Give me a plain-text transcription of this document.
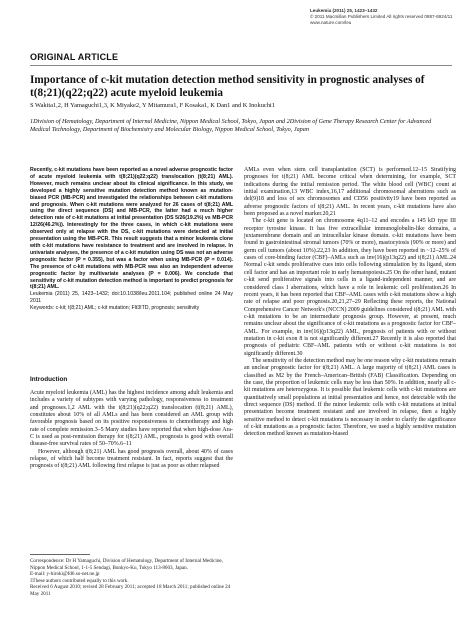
Leukemia (2011) 25, 1423–1432
© 2011 Macmillan Publishers Limited All rights reserved 0887-6924/11
www.nature.com/leu
ORIGINAL ARTICLE
Importance of c-kit mutation detection method sensitivity in prognostic analyses of t(8;21)(q22;q22) acute myeloid leukemia
S Wakita1,2, H Yamaguchi1,3, K Miyake2, Y Mitamura1, F Kosaka1, K Dan1 and K Inokuchi1
1Division of Hematology, Department of Internal Medicine, Nippon Medical School, Tokyo, Japan and 2Division of Gene Therapy Research Center for Advanced Medical Technology, Department of Biochemistry and Molecular Biology, Nippon Medical School, Tokyo, Japan
Recently, c-kit mutations have been reported as a novel adverse prognostic factor of acute myeloid leukemia with t(8;21)(q22;q22) translocation (t(8;21) AML). However, much remains unclear about its clinical significance. In this study, we developed a highly sensitive mutation detection method known as mutation-biased PCR (MB-PCR) and investigated the relationships between c-kit mutations and prognosis. When c-kit mutations were analyzed for 26 cases of t(8;21) AML using the direct sequence (DS) and MB-PCR, the latter had a much higher detection rate of c-kit mutations at initial presentation (DS 5/26(19.2%) vs MB-PCR 12/26(46.2%)). Interestingly for the three cases, in which c-kit mutations were observed only at relapse with the DS, c-kit mutations were detected at initial presentation using the MB-PCR. This result suggests that a minor leukemia clone with c-kit mutations have resistance to treatment and are involved in relapse. In univariate analyses, the presence of a c-kit mutation using DS was not an adverse prognostic factor (P = 0.355), but was a factor when using MB-PCR (P = 0.014). The presence of c-kit mutations with MB-PCR was also an independent adverse prognostic factor by multivariate analyses (P = 0.006). We conclude that sensitivity of c-kit mutation detection method is important to predict prognosis for t(8;21) AML.
Leukemia (2011) 25, 1423–1432; doi:10.1038/leu.2011.104; published online 24 May 2011
Keywords: c-kit; t(8;21) AML; c-kit mutation; Flt3ITD, prognosis; sensitivity
Introduction

Acute myeloid leukemia (AML) has the highest incidence among adult leukemia and includes a variety of subtypes with varying pathology, responsiveness to treatment and prognoses.1,2 AML with the t(8;21)(q22;q22) translocation (t(8;21) AML), constitutes about 10% of all AMLs and has been considered an AML group with favorable prognosis based on its positive responsiveness to chemotherapy and high rate of complete remission.3–5 Many studies have reported that when high-dose Ara-C is used as post-remission therapy for t(8;21) AML, prognosis is good with overall disease-free survival rates of 50–70%.6–11

However, although t(8;21) AML has good prognosis overall, about 40% of cases relapse, of which half become treatment resistant. In fact, reports suggest that the prognosis of t(8;21) AML following first relapse is just as poor as other relapsed

Correspondence: Dr H Yamaguchi, Division of Hematology, Department of Internal Medicine, Nippon Medical School, 1-1-5 Sendagi, Bunkyo-Ku, Tokyo 113-8603, Japan.
E-mail: y-hiroki@fd6.so-net.ne.jp
3These authors contributed equally to this work.
Received 6 August 2010; revised 28 February 2011; accepted 18 March 2011; published online 24 May 2011

AMLs even when stem cell transplantation (SCT) is performed.12–15 Stratifying prognoses for t(8;21) AML become critical when determining, for example, SCT indications during the initial remission period. The white blood cell (WBC) count at initial examination,13 WBC index,16,17 additional chromosomal aberrations such as del(9)18 and loss of sex chromosomes and CD56 positivity19 have been reported as adverse prognostic factors of t(8;21) AML. In recent years, c-kit mutations have also been proposed as a novel marker.20,21

The c-kit gene is located on chromosome 4q11–12 and encodes a 145 kD type III receptor tyrosine kinase. It has five extracellular immunoglobulin-like domains, a juxtamembrane domain and an intracellular kinase domain. c-kit mutations have been found in gastrointestinal stromal tumors (70% or more), mastocytosis (90% or more) and germ cell tumors (about 10%).22,23 In addition, they have been reported in ~12–25% of cases of core-binding factor (CBF)–AMLs such as inv(16)(p13q22) and t(8;21) AML.24 Normal c-kit sends proliferative cues into cells following stimulation by its ligand, stem cell factor and has an important role in early hematopoiesis.25 On the other hand, mutant c-kit send proliferative signals into cells in a ligand-independent manner, and are considered class I aberrations, which have a role in leukemic cell proliferation.26 In recent years, it has been reported that CBF–AML cases with c-kit mutations show a high rate of relapse and poor prognosis.20,21,27–29 Reflecting these reports, the National Comprehensive Cancer Network's (NCCN) 2009 guidelines considered t(8;21) AML with c-kit mutations to be an intermediate prognosis group. However, at present, much remains unclear about the significance of c-kit mutations as a prognostic factor for CBF–AML. For example, in inv(16)(p13q22) AML, prognosis of patients with or without mutation in c-kit exon 8 is not significantly different.27 Recently it is also reported that prognosis of pediatric CBF–AML patients with or without c-kit mutations is not significantly different.30

The sensitivity of the detection method may be one reason why c-kit mutations remain an unclear prognostic factor for t(8;21) AML. A large majority of t(8;21) AML cases is classified as M2 by the French–American–British (FAB) Classification. Depending on the case, the proportion of leukemic cells may be less than 50%. In addition, nearly all c-kit mutations are heterozygous. It is possible that leukemic cells with c-kit mutations are quantitatively small populations at initial presentation and hence, not detectable with the direct sequence (DS) method. If the minor leukemic cells with c-kit mutations at initial presentation become treatment resistant and are involved in relapse, then a highly sensitive method to detect c-kit mutations is necessary in order to clarify the significance of c-kit mutations as a prognostic factor. Therefore, we used a highly sensitive mutation detection method known as mutation-biased
